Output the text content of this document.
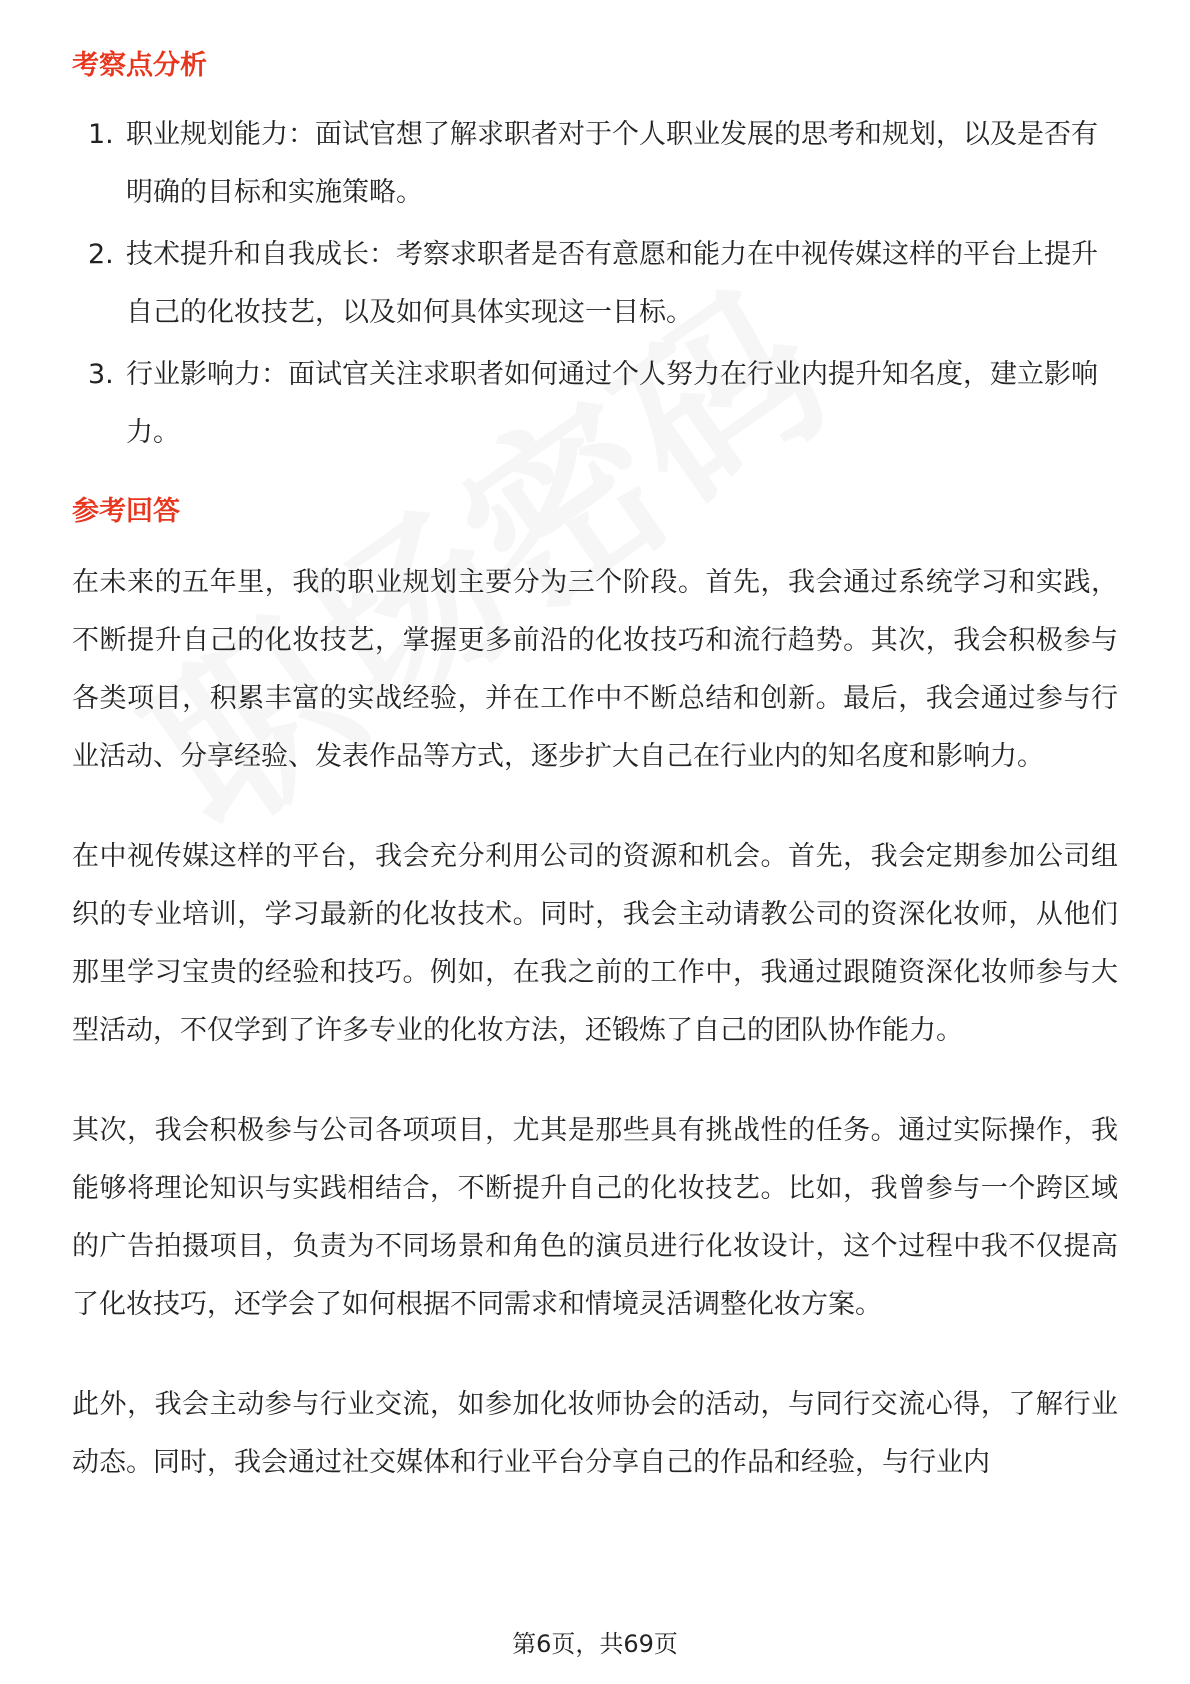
考察点分析
1. 职业规划能力：面试官想了解求职者对于个人职业发展的思考和规划，以及是否有明确的目标和实施策略。
2. 技术提升和自我成长：考察求职者是否有意愿和能力在中视传媒这样的平台上提升自己的化妆技艺，以及如何具体实现这一目标。
3. 行业影响力：面试官关注求职者如何通过个人努力在行业内提升知名度，建立影响力。
参考回答

在未来的五年里，我的职业规划主要分为三个阶段。首先，我会通过系统学习和实践，不断提升自己的化妆技艺，掌握更多前沿的化妆技巧和流行趋势。其次，我会积极参与各类项目，积累丰富的实战经验，并在工作中不断总结和创新。最后，我会通过参与行业活动、分享经验、发表作品等方式，逐步扩大自己在行业内的知名度和影响力。

在中视传媒这样的平台，我会充分利用公司的资源和机会。首先，我会定期参加公司组织的专业培训，学习最新的化妆技术。同时，我会主动请教公司的资深化妆师，从他们那里学习宝贵的经验和技巧。例如，在我之前的工作中，我通过跟随资深化妆师参与大型活动，不仅学到了许多专业的化妆方法，还锻炼了自己的团队协作能力。

其次，我会积极参与公司各项项目，尤其是那些具有挑战性的任务。通过实际操作，我能够将理论知识与实践相结合，不断提升自己的化妆技艺。比如，我曾参与一个跨区域的广告拍摄项目，负责为不同场景和角色的演员进行化妆设计，这个过程中我不仅提高了化妆技巧，还学会了如何根据不同需求和情境灵活调整化妆方案。

此外，我会主动参与行业交流，如参加化妆师协会的活动，与同行交流心得，了解行业动态。同时，我会通过社交媒体和行业平台分享自己的作品和经验，与行业内

第6页，共69页
